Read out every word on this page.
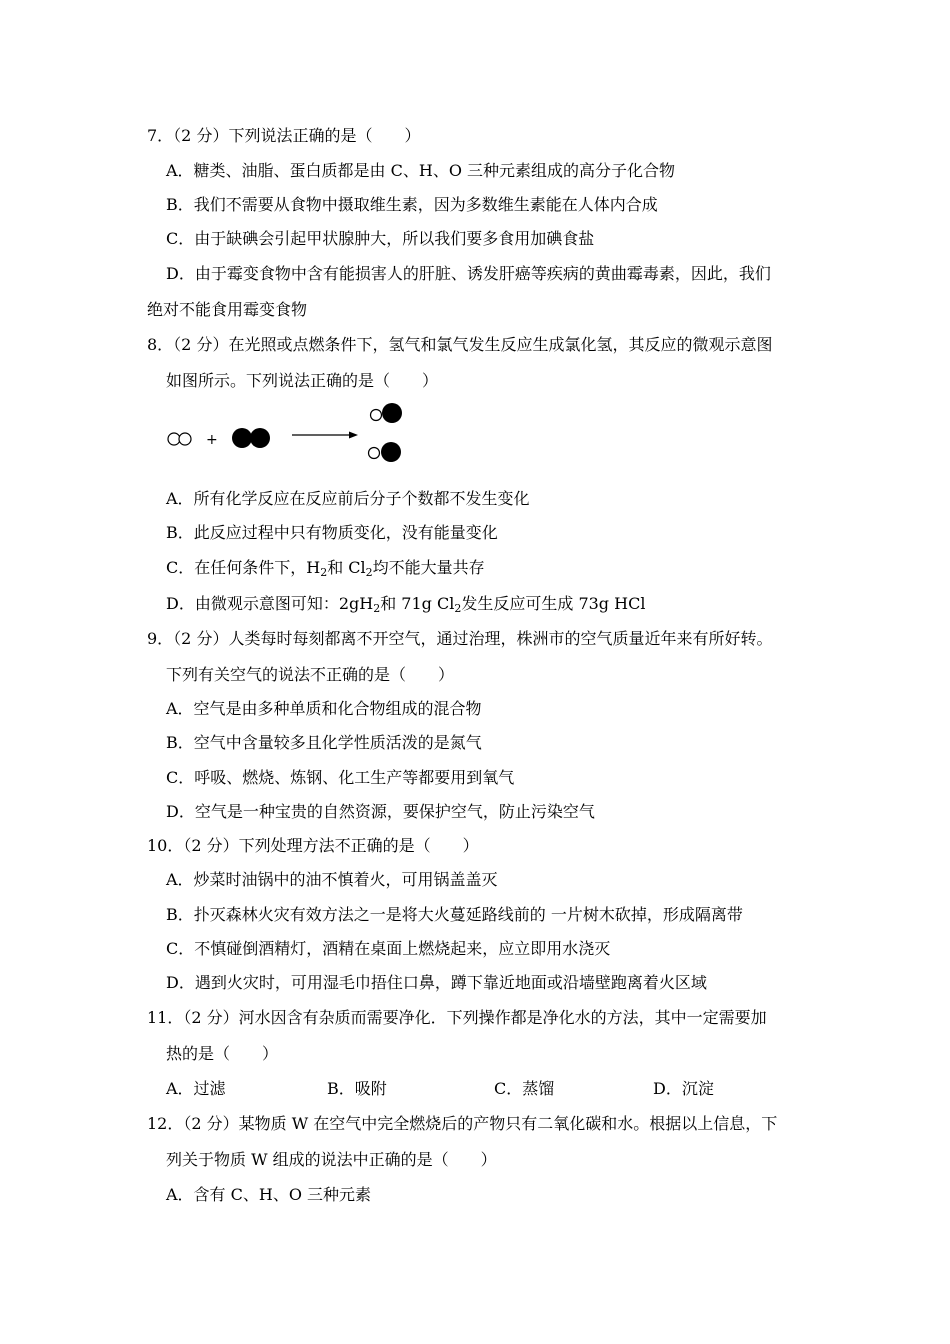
7．（2 分）下列说法正确的是（　　）
A．糖类、油脂、蛋白质都是由 C、H、O 三种元素组成的高分子化合物
B．我们不需要从食物中摄取维生素，因为多数维生素能在人体内合成
C．由于缺碘会引起甲状腺肿大，所以我们要多食用加碘食盐
D．由于霉变食物中含有能损害人的肝脏、诱发肝癌等疾病的黄曲霉毒素，因此，我们
绝对不能食用霉变食物
8．（2 分）在光照或点燃条件下，氢气和氯气发生反应生成氯化氢，其反应的微观示意图
如图所示。下列说法正确的是（　　）
+
A．所有化学反应在反应前后分子个数都不发生变化
B．此反应过程中只有物质变化，没有能量变化
C．在任何条件下，$H_2$和 $Cl_2$均不能大量共存
D．由微观示意图可知：$2gH_2$和 71g $Cl_2$发生反应可生成 73g HCl
9．（2 分）人类每时每刻都离不开空气，通过治理，株洲市的空气质量近年来有所好转。
下列有关空气的说法不正确的是（　　）
A．空气是由多种单质和化合物组成的混合物
B．空气中含量较多且化学性质活泼的是氮气
C．呼吸、燃烧、炼钢、化工生产等都要用到氧气
D．空气是一种宝贵的自然资源，要保护空气，防止污染空气
10．（2 分）下列处理方法不正确的是（　　）
A．炒菜时油锅中的油不慎着火，可用锅盖盖灭
B．扑灭森林火灾有效方法之一是将大火蔓延路线前的 一片树木砍掉，形成隔离带
C．不慎碰倒酒精灯，酒精在桌面上燃烧起来，应立即用水浇灭
D．遇到火灾时，可用湿毛巾捂住口鼻，蹲下靠近地面或沿墙壁跑离着火区域
11．（2 分）河水因含有杂质而需要净化．下列操作都是净化水的方法，其中一定需要加
热的是（　　）
A．过滤	B．吸附	C．蒸馏	D．沉淀
12．（2 分）某物质 W 在空气中完全燃烧后的产物只有二氧化碳和水。根据以上信息，下
列关于物质 W 组成的说法中正确的是（　　）
A．含有 C、H、O 三种元素
